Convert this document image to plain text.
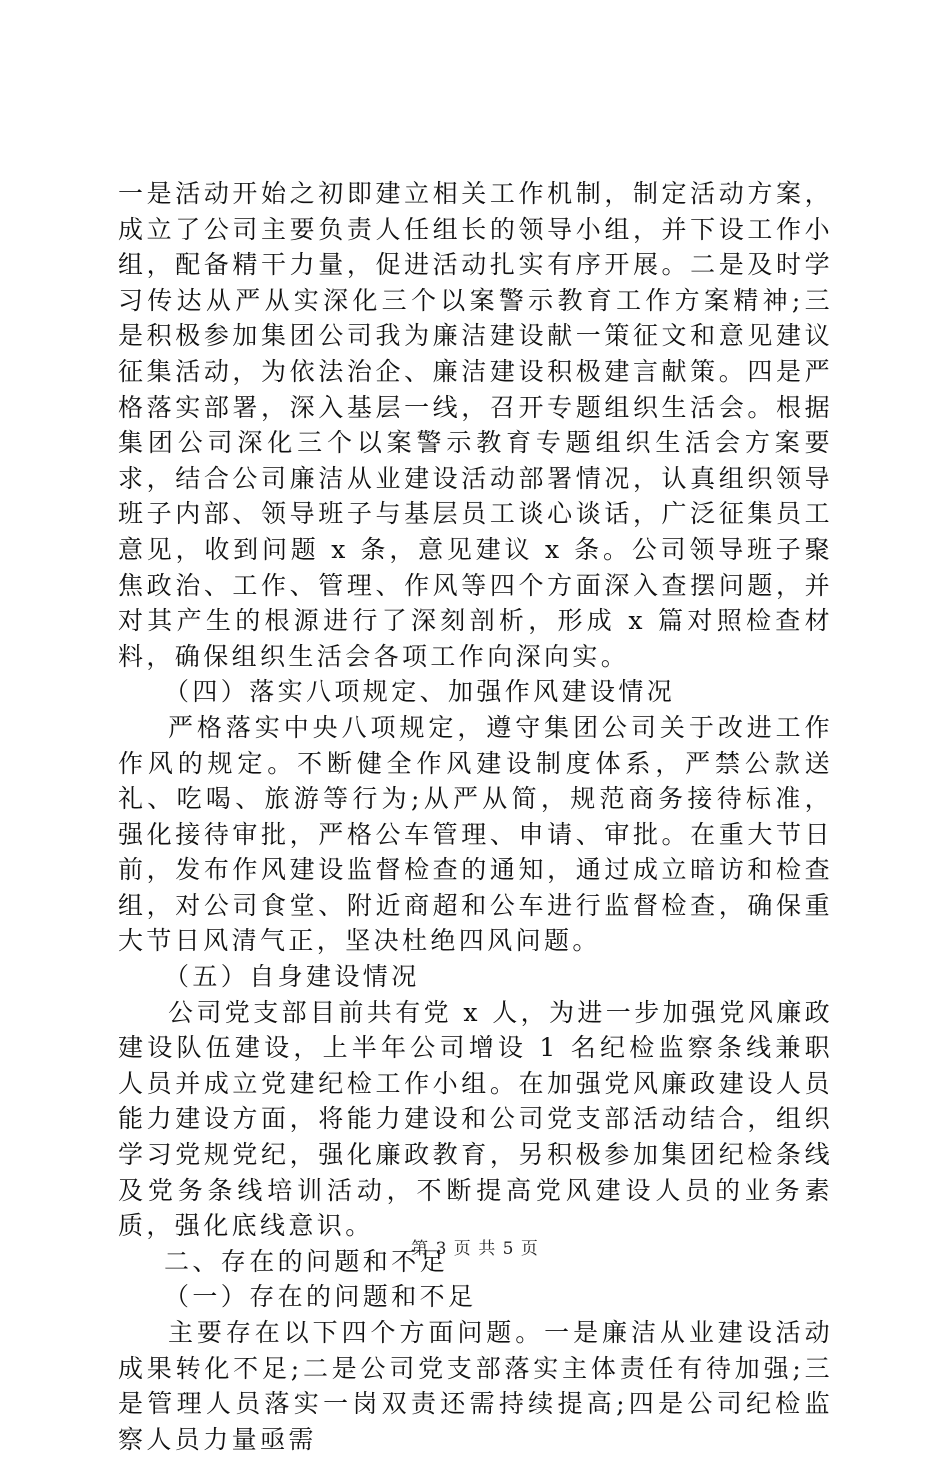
一是活动开始之初即建立相关工作机制，制定活动方案，成立了公司主要负责人任组长的领导小组，并下设工作小组，配备精干力量，促进活动扎实有序开展。二是及时学习传达从严从实深化三个以案警示教育工作方案精神;三是积极参加集团公司我为廉洁建设献一策征文和意见建议征集活动，为依法治企、廉洁建设积极建言献策。四是严格落实部署，深入基层一线，召开专题组织生活会。根据集团公司深化三个以案警示教育专题组织生活会方案要求，结合公司廉洁从业建设活动部署情况，认真组织领导班子内部、领导班子与基层员工谈心谈话，广泛征集员工意见，收到问题 x 条，意见建议 x 条。公司领导班子聚焦政治、工作、管理、作风等四个方面深入查摆问题，并对其产生的根源进行了深刻剖析，形成 x 篇对照检查材料，确保组织生活会各项工作向深向实。

（四）落实八项规定、加强作风建设情况

严格落实中央八项规定，遵守集团公司关于改进工作作风的规定。不断健全作风建设制度体系，严禁公款送礼、吃喝、旅游等行为;从严从简，规范商务接待标准，强化接待审批，严格公车管理、申请、审批。在重大节日前，发布作风建设监督检查的通知，通过成立暗访和检查组，对公司食堂、附近商超和公车进行监督检查，确保重大节日风清气正，坚决杜绝四风问题。

（五）自身建设情况

公司党支部目前共有党 x 人，为进一步加强党风廉政建设队伍建设，上半年公司增设 1 名纪检监察条线兼职人员并成立党建纪检工作小组。在加强党风廉政建设人员能力建设方面，将能力建设和公司党支部活动结合，组织学习党规党纪，强化廉政教育，另积极参加集团纪检条线及党务条线培训活动，不断提高党风建设人员的业务素质，强化底线意识。

二、存在的问题和不足

（一）存在的问题和不足

主要存在以下四个方面问题。一是廉洁从业建设活动成果转化不足;二是公司党支部落实主体责任有待加强;三是管理人员落实一岗双责还需持续提高;四是公司纪检监察人员力量亟需

第 3 页 共 5 页
